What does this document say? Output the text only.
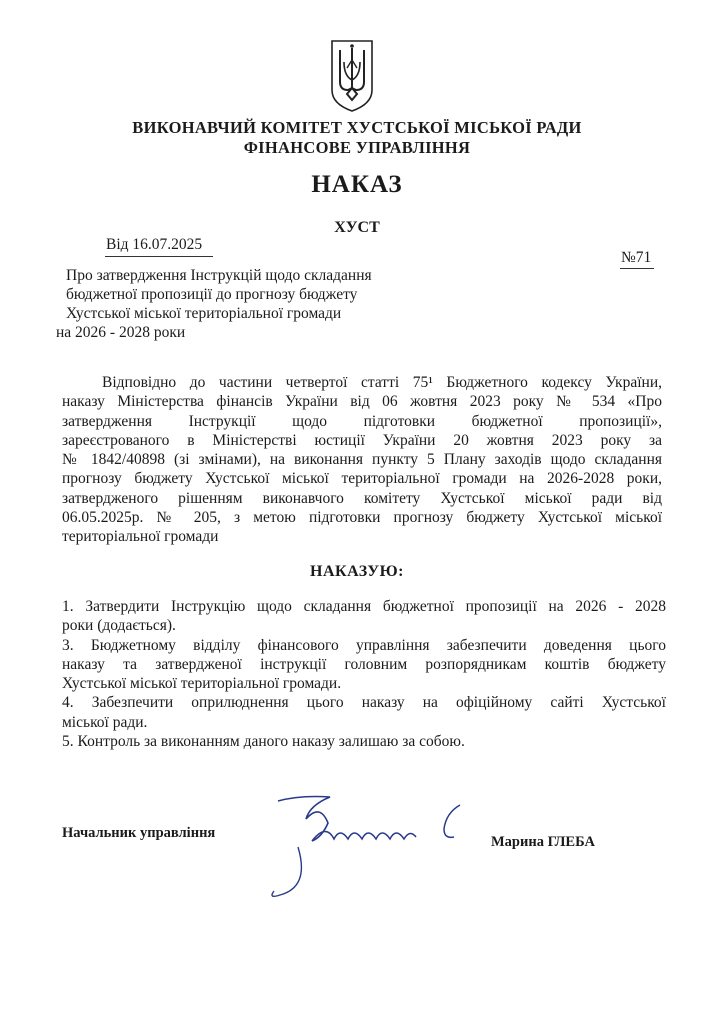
ВИКОНАВЧИЙ КОМІТЕТ ХУСТСЬКОЇ МІСЬКОЇ РАДИ
ФІНАНСОВЕ УПРАВЛІННЯ
НАКАЗ
ХУСТ
Від 16.07.2025
№71
Про затвердження Інструкцій щодо складання
бюджетної пропозиції до прогнозу бюджету
Хустської міської територіальної громади
на 2026 - 2028 роки
Відповідно до частини четвертої статті 75¹ Бюджетного кодексу України,
наказу Міністерства фінансів України від 06 жовтня 2023 року № 534 «Про
затвердження Інструкції щодо підготовки бюджетної пропозиції»,
зареєстрованого в Міністерстві юстиції України 20 жовтня 2023 року за
№ 1842/40898 (зі змінами), на виконання пункту 5 Плану заходів щодо складання
прогнозу бюджету Хустської міської територіальної громади на 2026-2028 роки,
затвердженого рішенням виконавчого комітету Хустської міської ради від
06.05.2025р. № 205, з метою підготовки прогнозу бюджету Хустської міської
територіальної громади
НАКАЗУЮ:
1. Затвердити Інструкцію щодо складання бюджетної пропозиції на 2026 - 2028
роки (додається).
3. Бюджетному відділу фінансового управління забезпечити доведення цього
наказу та затвердженої інструкції головним розпорядникам коштів бюджету
Хустської міської територіальної громади.
4. Забезпечити оприлюднення цього наказу на офіційному сайті Хустської
міської ради.
5. Контроль за виконанням даного наказу залишаю за собою.
Начальник управління
Марина ГЛЕБА
